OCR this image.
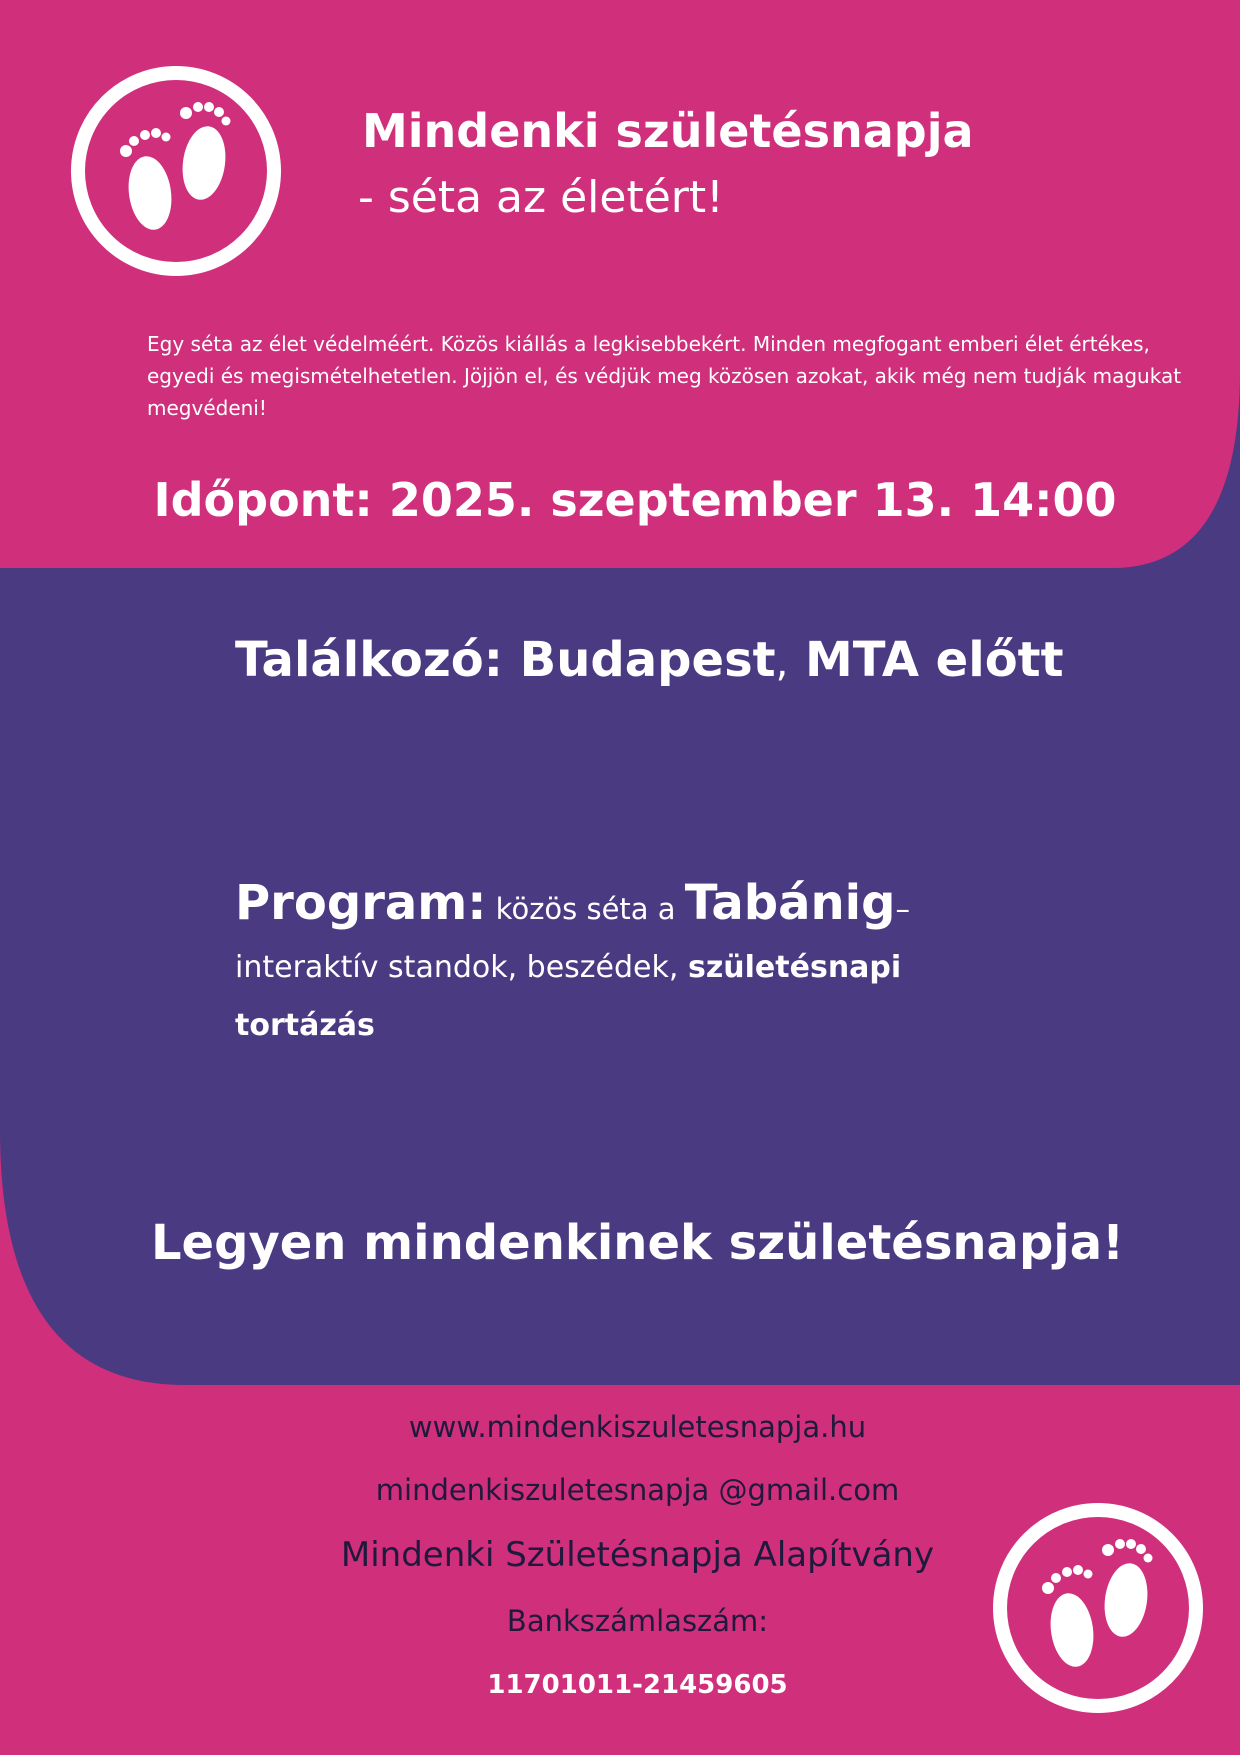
Mindenki születésnapja
- séta az életért!

Egy séta az élet védelméért. Közös kiállás a legkisebbekért. Minden megfogant emberi élet értékes, egyedi és megismételhetetlen. Jöjjön el, és védjük meg közösen azokat, akik még nem tudják magukat megvédeni!

Időpont: 2025. szeptember 13. 14:00
Találkozó: Budapest, MTA előtt
Program: közös séta a Tabánig–
interaktív standok, beszédek, születésnapi tortázás
Legyen mindenkinek születésnapja!

www.mindenkiszuletesnapja.hu

mindenkiszuletesnapja @gmail.com

Mindenki Születésnapja Alapítvány

Bankszámlaszám:

11701011-21459605
